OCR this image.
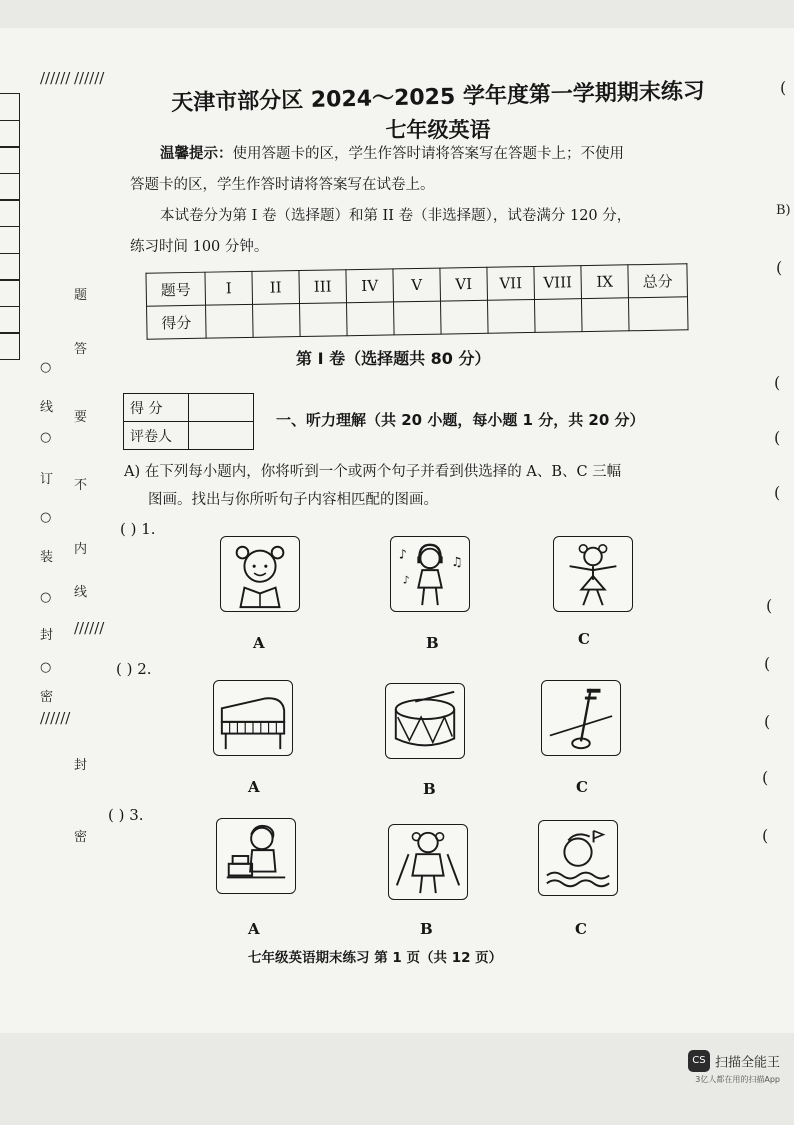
//////
//////
//////
//////
○
○
○
○
○
线
订
装
封
密
题
答
要
不
内
线
封
密
(
B)
(
(
(
(
(
(
(
(
(
天津市部分区 2024～2025 学年度第一学期期末练习
七年级英语
温馨提示：使用答题卡的区，学生作答时请将答案写在答题卡上；不使用
答题卡的区，学生作答时请将答案写在试卷上。
本试卷分为第 I 卷（选择题）和第 II 卷（非选择题），试卷满分 120 分，
练习时间 100 分钟。
题号	I	II	III	IV	V	VI	VII	VIII	IX	总分
得分										
第 I 卷（选择题共 80 分）
得 分	
评卷人	
一、听力理解（共 20 小题，每小题 1 分，共 20 分）
A) 在下列每小题内，你将听到一个或两个句子并看到供选择的 A、B、C 三幅
图画。找出与你所听句子内容相匹配的图画。
( ) 1.
♪
♫
♪
A	B	C
( ) 2.
A	B	C
( ) 3.
A	B	C
七年级英语期末练习 第 1 页（共 12 页）
CS 扫描全能王
3亿人都在用的扫描App
